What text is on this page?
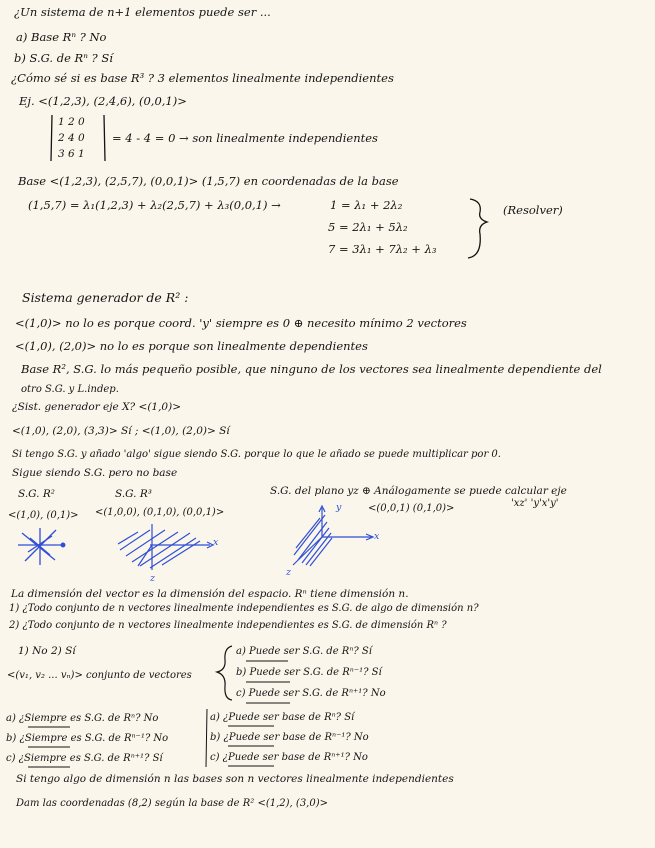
¿Un sistema de n+1 elementos puede ser ...
a) Base Rⁿ ? No
b) S.G. de Rⁿ ? Sí
¿Cómo sé si es base R³ ? 3 elementos linealmente independientes
Ej. <(1,2,3), (2,4,6), (0,0,1)>
1 2 0
2 4 0
3 6 1
= 4 - 4 = 0 → son linealmente independientes
Base <(1,2,3), (2,5,7), (0,0,1)> (1,5,7) en coordenadas de la base
(1,5,7) = λ₁(1,2,3) + λ₂(2,5,7) + λ₃(0,0,1) →	1 = λ₁ + 2λ₂
5 = 2λ₁ + 5λ₂
7 = 3λ₁ + 7λ₂ + λ₃
(Resolver)
Sistema generador de R² :
<(1,0)> no lo es porque coord. 'y' siempre es 0 ⊕ necesito mínimo 2 vectores
<(1,0), (2,0)> no lo es porque son linealmente dependientes
Base R², S.G. lo más pequeño posible, que ninguno de los vectores sea linealmente dependiente del
otro S.G. y L.indep.
¿Sist. generador eje X? <(1,0)>
<(1,0), (2,0), (3,3)> Sí ; <(1,0), (2,0)> Sí
Si tengo S.G. y añado 'algo' sigue siendo S.G. porque lo que le añado se puede multiplicar por 0.
Sigue siendo S.G. pero no base
S.G. R²
<(1,0), (0,1)>
S.G. R³
<(1,0,0), (0,1,0), (0,0,1)>
S.G. del plano yz ⊕ Análogamente se puede calcular eje
<(0,0,1) (0,1,0)>	'xz' 'y'x'y'
x
z
y
x
z
La dimensión del vector es la dimensión del espacio. Rⁿ tiene dimensión n.
1) ¿Todo conjunto de n vectores linealmente independientes es S.G. de algo de dimensión n?
2) ¿Todo conjunto de n vectores linealmente independientes es S.G. de dimensión Rⁿ ?
1) No 2) Sí
<(v₁, v₂ ... vₙ)> conjunto de vectores
a) Puede ser S.G. de Rⁿ? Sí
b) Puede ser S.G. de Rⁿ⁻¹? Sí
c) Puede ser S.G. de Rⁿ⁺¹? No
a) ¿Siempre es S.G. de Rⁿ? No
b) ¿Siempre es S.G. de Rⁿ⁻¹? No
c) ¿Siempre es S.G. de Rⁿ⁺¹? Sí
a) ¿Puede ser base de Rⁿ? Sí
b) ¿Puede ser base de Rⁿ⁻¹? No
c) ¿Puede ser base de Rⁿ⁺¹? No
Si tengo algo de dimensión n las bases son n vectores linealmente independientes
Dam las coordenadas (8,2) según la base de R² <(1,2), (3,0)>
